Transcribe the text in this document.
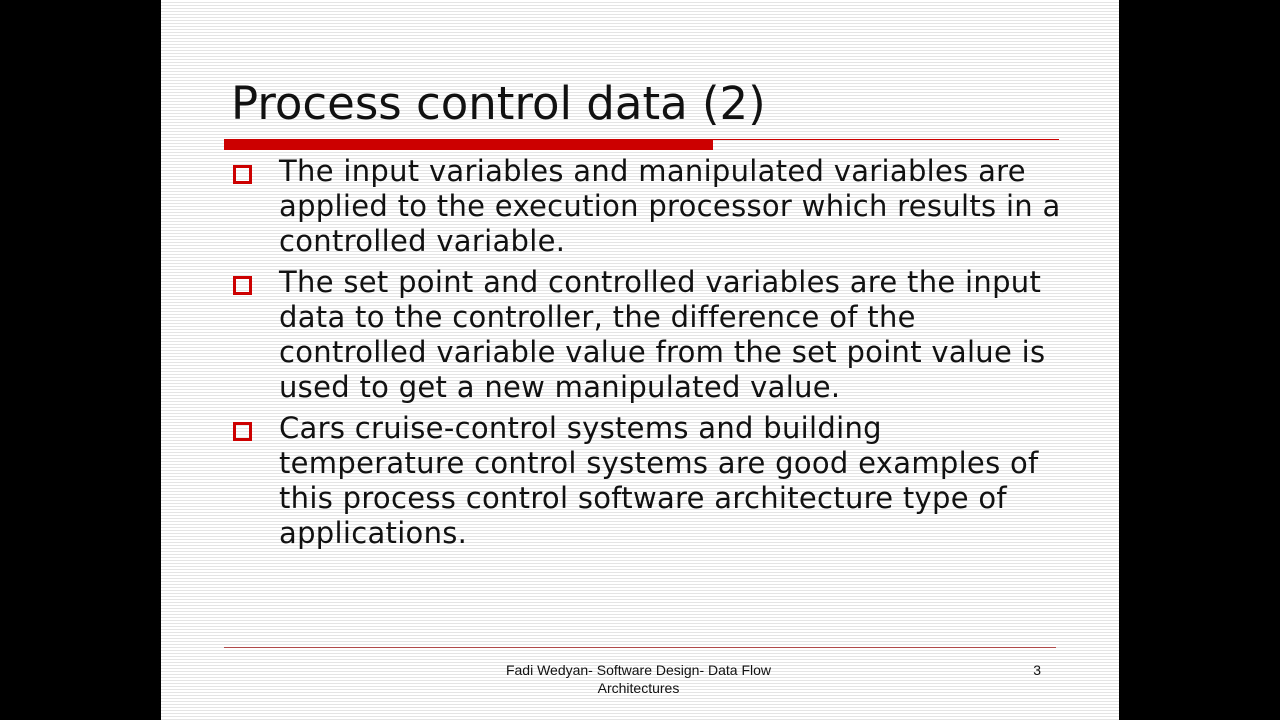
Process control data (2)
The input variables and manipulated variables are applied to the execution processor which results in a controlled variable.
The set point and controlled variables are the input data to the controller, the difference of the controlled variable value from the set point value is used to get a new manipulated value.
Cars cruise-control systems and building temperature control systems are good examples of this process control software architecture type of applications.
Fadi Wedyan- Software Design- Data Flow Architectures
3
